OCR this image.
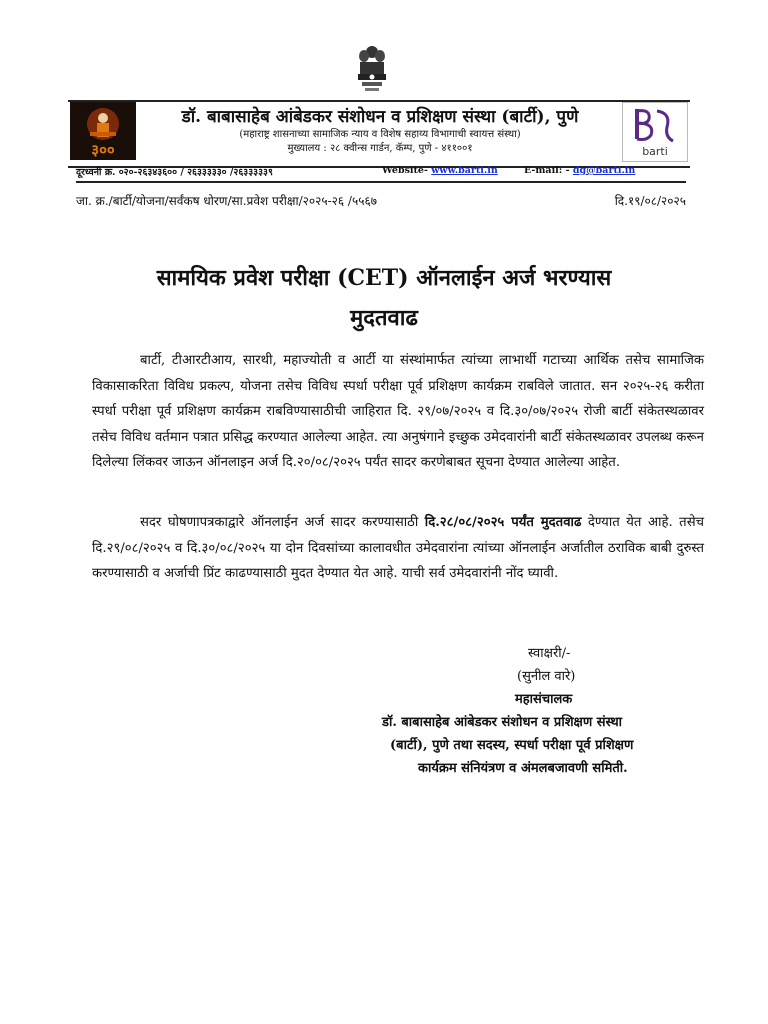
३००	barti
डॉ. बाबासाहेब आंबेडकर संशोधन व प्रशिक्षण संस्था (बार्टी), पुणे
(महाराष्ट्र शासनाच्या सामाजिक न्याय व विशेष सहाय्य विभागाची स्वायत्त संस्था)
मुख्यालय : २८ क्वीन्स गार्डन, कॅम्प, पुणे - ४११००१
दूरध्वनी क्र. ०२०-२६३४३६०० / २६३३३३३० /२६३३३३३९	Website- www.barti.in	E-mail: - dg@barti.in
जा. क्र./बार्टी/योजना/सर्वंकष धोरण/सा.प्रवेश परीक्षा/२०२५-२६ /५५६७	दि.१९/०८/२०२५
सामयिक प्रवेश परीक्षा (CET) ऑनलाईन अर्ज भरण्यास
मुदतवाढ
बार्टी, टीआरटीआय, सारथी, महाज्योती व आर्टी या संस्थांमार्फत त्यांच्या लाभार्थी गटाच्या आर्थिक तसेच सामाजिक विकासाकरिता विविध प्रकल्प, योजना तसेच विविध स्पर्धा परीक्षा पूर्व प्रशिक्षण कार्यक्रम राबविले जातात. सन २०२५-२६ करीता स्पर्धा परीक्षा पूर्व प्रशिक्षण कार्यक्रम राबविण्यासाठीची जाहिरात दि. २९/०७/२०२५ व दि.३०/०७/२०२५ रोजी बार्टी संकेतस्थळावर तसेच विविध वर्तमान पत्रात प्रसिद्ध करण्यात आलेल्या आहेत. त्या अनुषंगाने इच्छुक उमेदवारांनी बार्टी संकेतस्थळावर उपलब्ध करून दिलेल्या लिंकवर जाऊन ऑनलाइन अर्ज दि.२०/०८/२०२५ पर्यंत सादर करणेबाबत सूचना देण्यात आलेल्या आहेत.
सदर घोषणापत्रकाद्वारे ऑनलाईन अर्ज सादर करण्यासाठी दि.२८/०८/२०२५ पर्यंत मुदतवाढ देण्यात येत आहे. तसेच दि.२९/०८/२०२५ व दि.३०/०८/२०२५ या दोन दिवसांच्या कालावधीत उमेदवारांना त्यांच्या ऑनलाईन अर्जातील ठराविक बाबी दुरुस्त करण्यासाठी व अर्जाची प्रिंट काढण्यासाठी मुदत देण्यात येत आहे. याची सर्व उमेदवारांनी नोंद घ्यावी.
स्वाक्षरी/-
(सुनील वारे)
महासंचालक
डॉ. बाबासाहेब आंबेडकर संशोधन व प्रशिक्षण संस्था
(बार्टी), पुणे तथा सदस्य, स्पर्धा परीक्षा पूर्व प्रशिक्षण
कार्यक्रम संनियंत्रण व अंमलबजावणी समिती.
